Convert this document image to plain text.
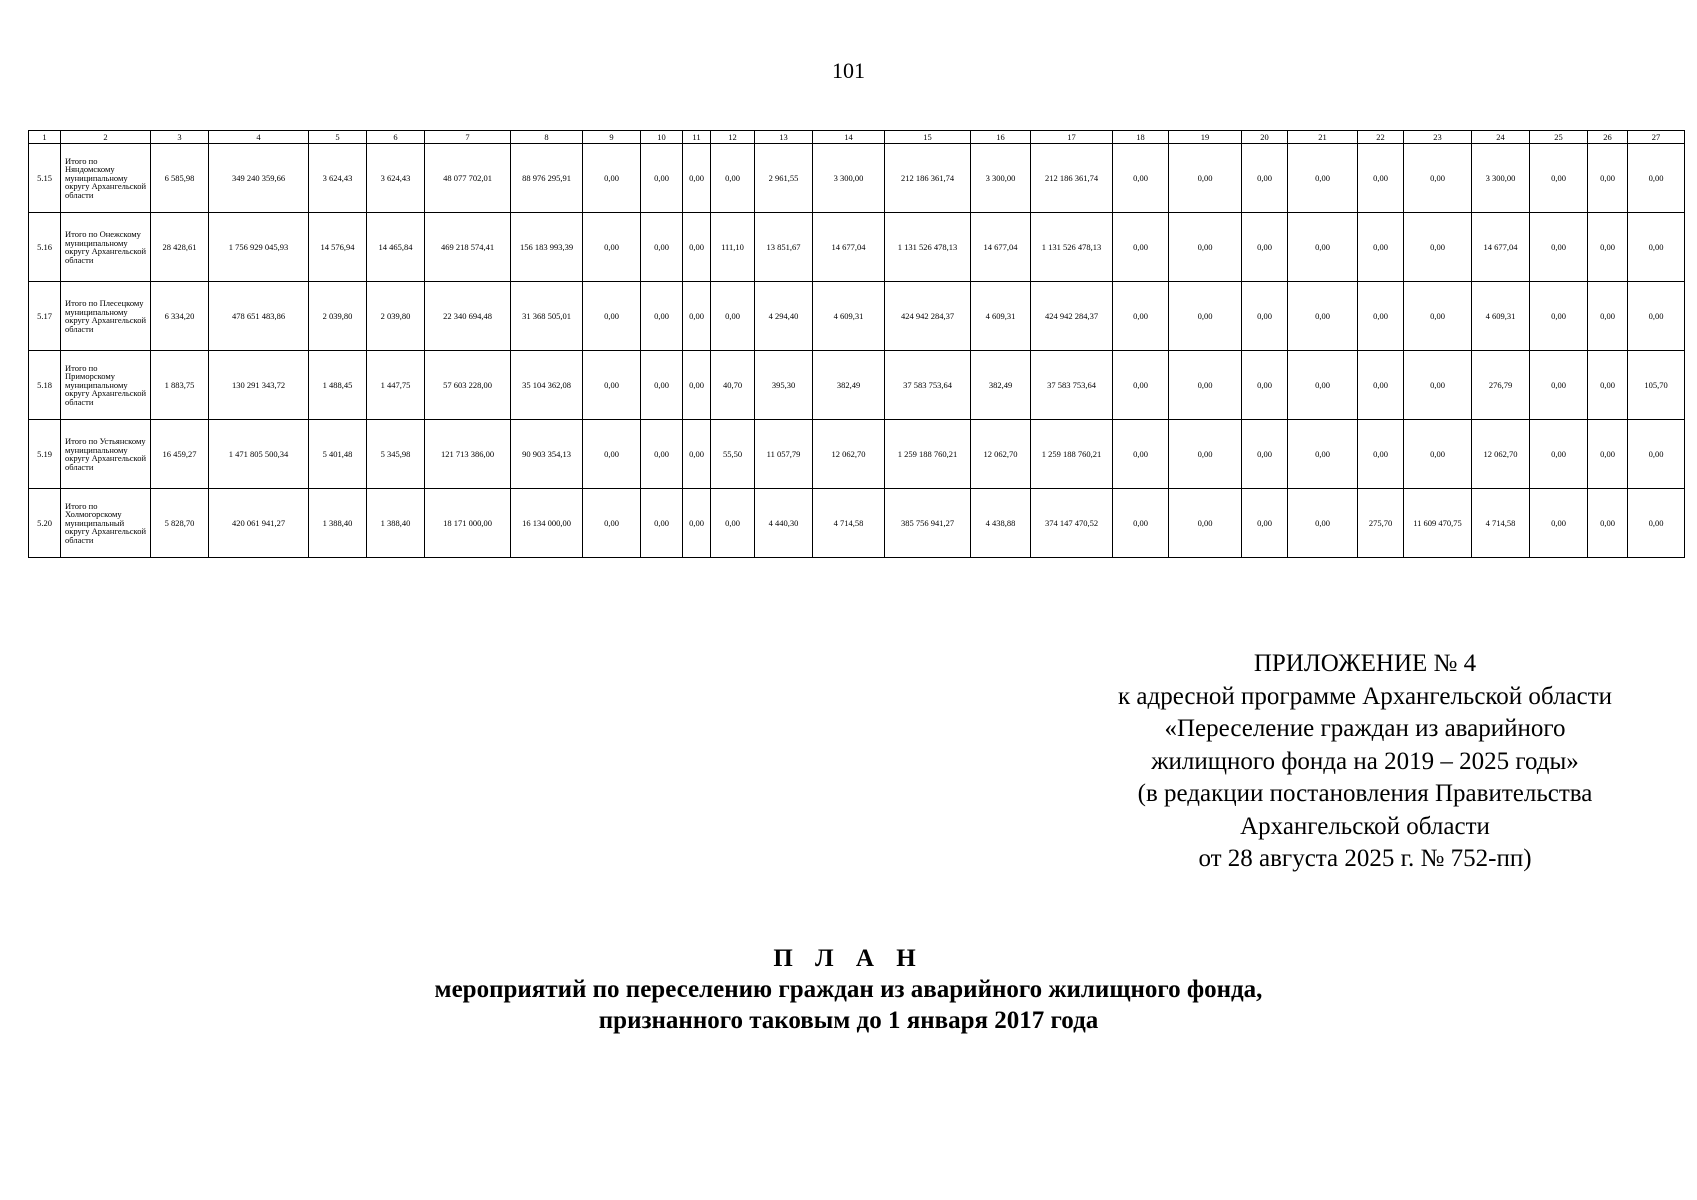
101
1	2	3	4	5	6	7	8	9	10	11	12	13	14	15	16	17	18	19	20	21	22	23	24	25	26	27
5.15	Итого по Няндомскому муниципальному округу Архангельской области	6 585,98	349 240 359,66	3 624,43	3 624,43	48 077 702,01	88 976 295,91	0,00	0,00	0,00	0,00	2 961,55	3 300,00	212 186 361,74	3 300,00	212 186 361,74	0,00	0,00	0,00	0,00	0,00	0,00	3 300,00	0,00	0,00	0,00
5.16	Итого по Онежскому муниципальному округу Архангельской области	28 428,61	1 756 929 045,93	14 576,94	14 465,84	469 218 574,41	156 183 993,39	0,00	0,00	0,00	111,10	13 851,67	14 677,04	1 131 526 478,13	14 677,04	1 131 526 478,13	0,00	0,00	0,00	0,00	0,00	0,00	14 677,04	0,00	0,00	0,00
5.17	Итого по Плесецкому муниципальному округу Архангельской области	6 334,20	478 651 483,86	2 039,80	2 039,80	22 340 694,48	31 368 505,01	0,00	0,00	0,00	0,00	4 294,40	4 609,31	424 942 284,37	4 609,31	424 942 284,37	0,00	0,00	0,00	0,00	0,00	0,00	4 609,31	0,00	0,00	0,00
5.18	Итого по Приморскому муниципальному округу Архангельской области	1 883,75	130 291 343,72	1 488,45	1 447,75	57 603 228,00	35 104 362,08	0,00	0,00	0,00	40,70	395,30	382,49	37 583 753,64	382,49	37 583 753,64	0,00	0,00	0,00	0,00	0,00	0,00	276,79	0,00	0,00	105,70
5.19	Итого по Устьянскому муниципальному округу Архангельской области	16 459,27	1 471 805 500,34	5 401,48	5 345,98	121 713 386,00	90 903 354,13	0,00	0,00	0,00	55,50	11 057,79	12 062,70	1 259 188 760,21	12 062,70	1 259 188 760,21	0,00	0,00	0,00	0,00	0,00	0,00	12 062,70	0,00	0,00	0,00
5.20	Итого по Холмогорскому муниципальный округу Архангельской области	5 828,70	420 061 941,27	1 388,40	1 388,40	18 171 000,00	16 134 000,00	0,00	0,00	0,00	0,00	4 440,30	4 714,58	385 756 941,27	4 438,88	374 147 470,52	0,00	0,00	0,00	0,00	275,70	11 609 470,75	4 714,58	0,00	0,00	0,00
ПРИЛОЖЕНИЕ № 4
к адресной программе Архангельской области
«Переселение граждан из аварийного
жилищного фонда на 2019 – 2025 годы»
(в редакции постановления Правительства
Архангельской области
от 28 августа 2025 г. № 752-пп)
П Л А Н
мероприятий по переселению граждан из аварийного жилищного фонда,
признанного таковым до 1 января 2017 года
